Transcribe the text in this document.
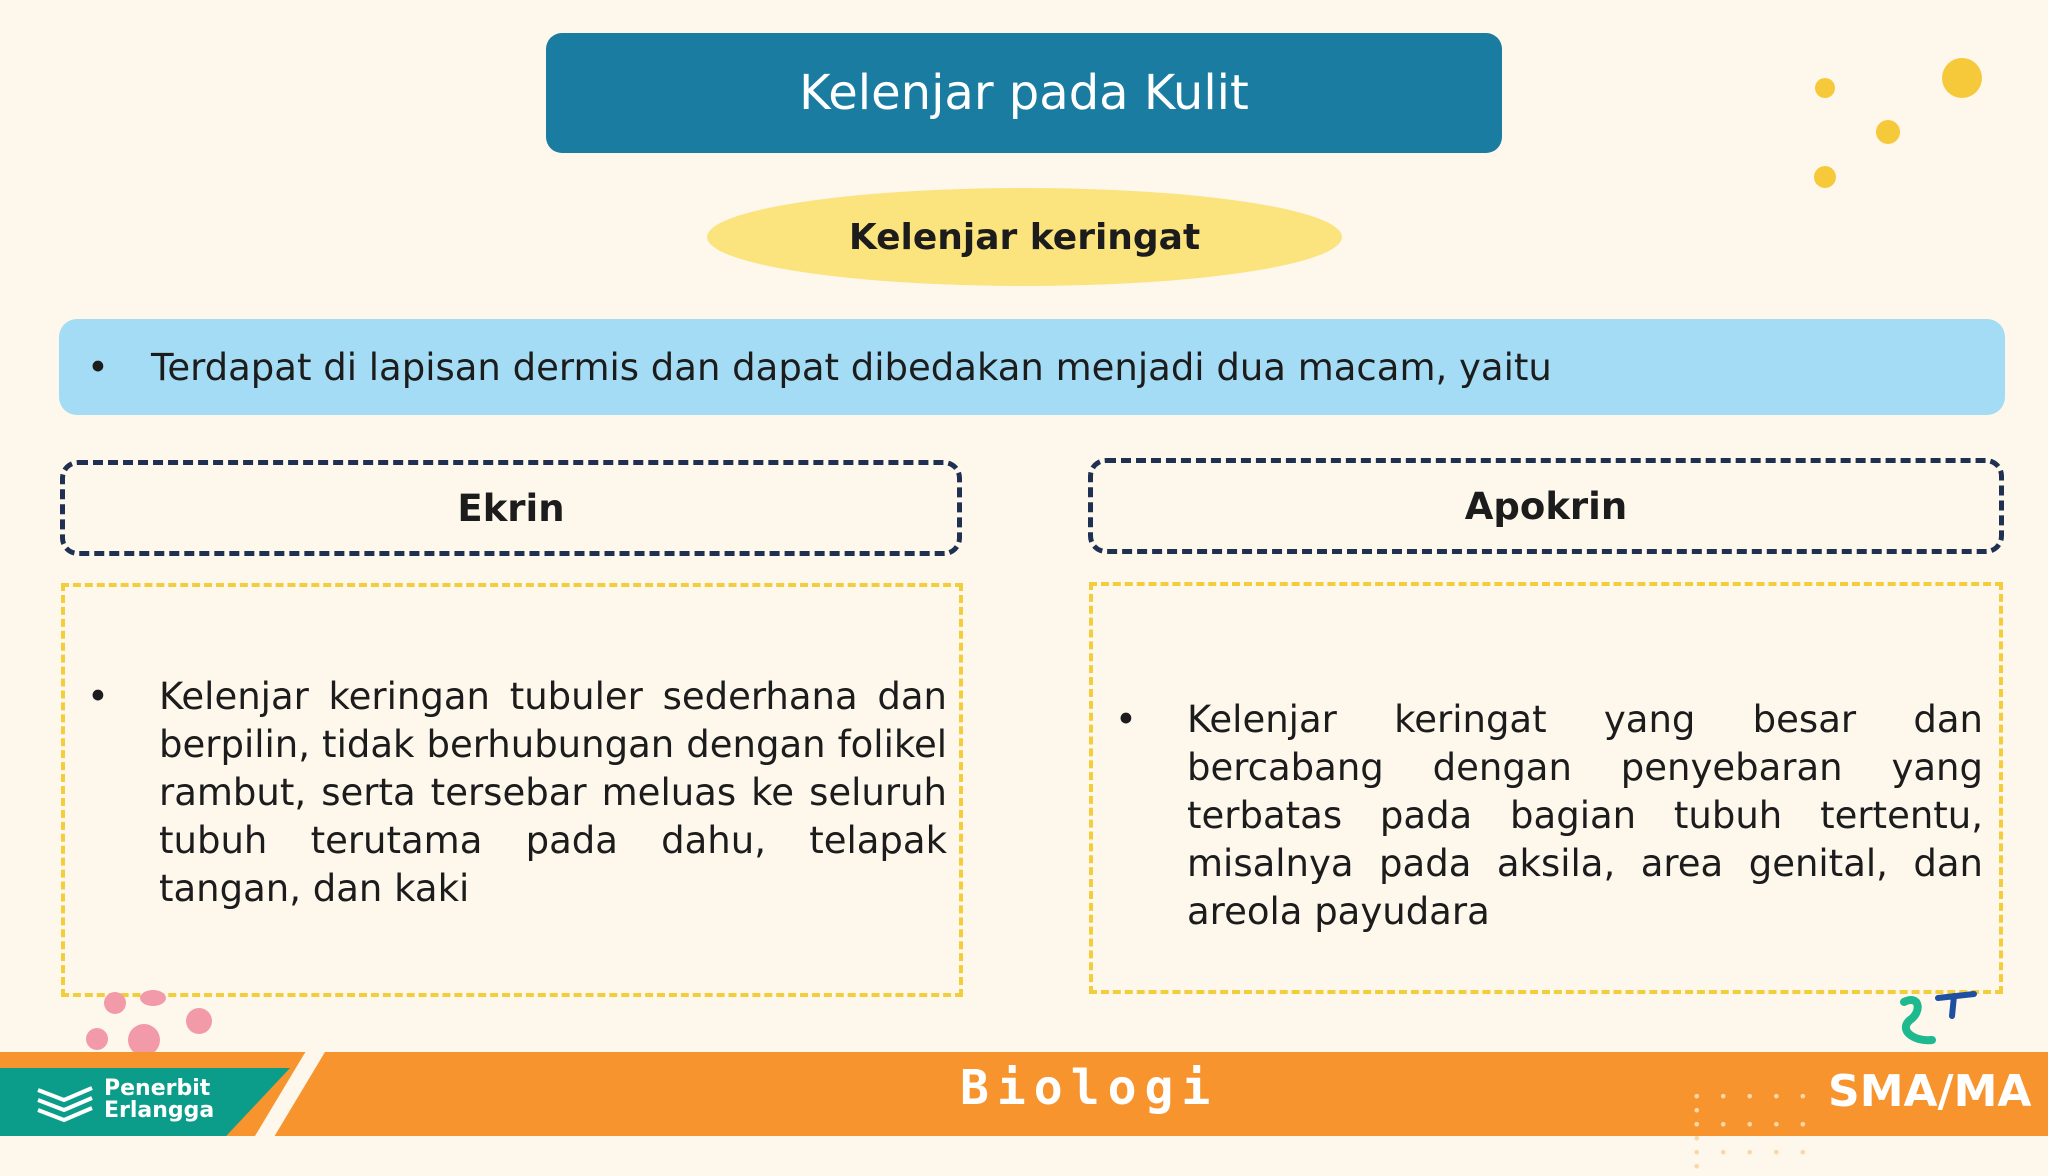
Kelenjar pada Kulit
Kelenjar keringat
• Terdapat di lapisan dermis dan dapat dibedakan menjadi dua macam, yaitu
Ekrin
• Kelenjar keringan tubuler sederhana dan berpilin, tidak berhubungan dengan folikel rambut, serta tersebar meluas ke seluruh tubuh terutama pada dahu, telapak tangan, dan kaki
Apokrin
• Kelenjar keringat yang besar dan bercabang dengan penyebaran yang terbatas pada bagian tubuh tertentu, misalnya pada aksila, area genital, dan areola payudara
Penerbit
Erlangga	Biologi	• • • • • •
• • • • • •
• • • • • •
SMA/MA
